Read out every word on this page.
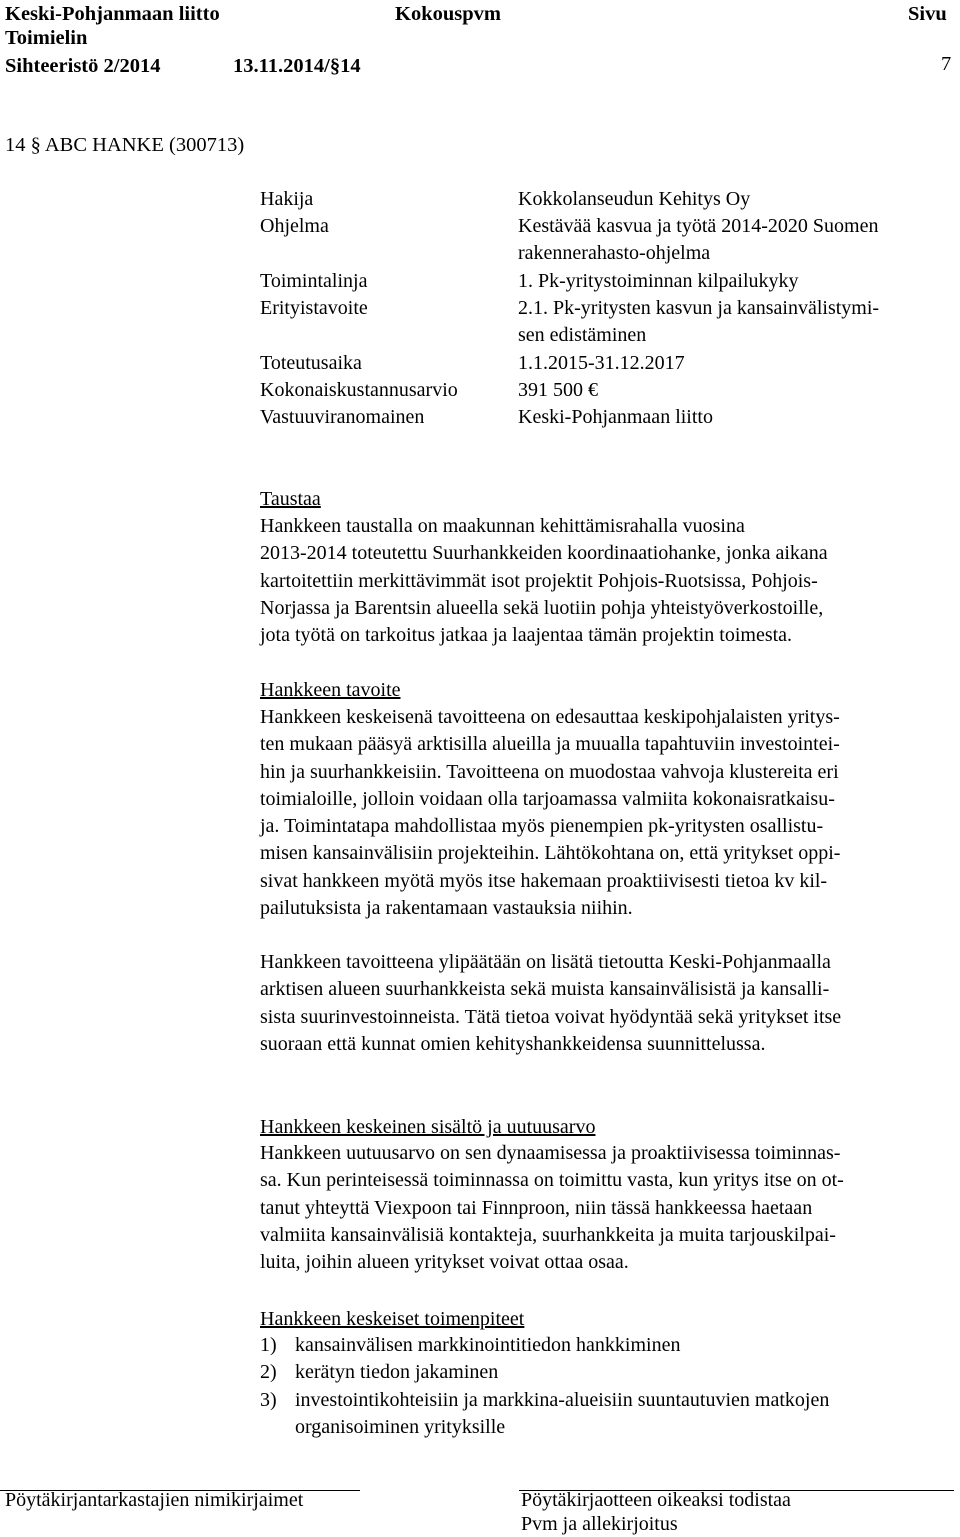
Keski-Pohjanmaan liitto	Kokouspvm	Sivu
Toimielin
7
Sihteeristö 2/2014	13.11.2014/§14
14 § ABC HANKE (300713)
Hakija	Kokkolanseudun Kehitys Oy
Ohjelma	Kestävää kasvua ja työtä 2014-2020 Suomen
rakennerahasto-ohjelma
Toimintalinja	1. Pk-yritystoiminnan kilpailukyky
Erityistavoite	2.1. Pk-yritysten kasvun ja kansainvälistymi-
sen edistäminen
Toteutusaika	1.1.2015-31.12.2017
Kokonaiskustannusarvio	391 500 €
Vastuuviranomainen	Keski-Pohjanmaan liitto
Taustaa
Hankkeen taustalla on maakunnan kehittämisrahalla vuosina
2013-2014 toteutettu Suurhankkeiden koordinaatiohanke, jonka aikana
kartoitettiin merkittävimmät isot projektit Pohjois-Ruotsissa, Pohjois-
Norjassa ja Barentsin alueella sekä luotiin pohja yhteistyöverkostoille,
jota työtä on tarkoitus jatkaa ja laajentaa tämän projektin toimesta.
Hankkeen tavoite
Hankkeen keskeisenä tavoitteena on edesauttaa keskipohjalaisten yritys-
ten mukaan pääsyä arktisilla alueilla ja muualla tapahtuviin investointei-
hin ja suurhankkeisiin. Tavoitteena on muodostaa vahvoja klustereita eri
toimialoille, jolloin voidaan olla tarjoamassa valmiita kokonaisratkaisu-
ja. Toimintatapa mahdollistaa myös pienempien pk-yritysten osallistu-
misen kansainvälisiin projekteihin. Lähtökohtana on, että yritykset oppi-
sivat hankkeen myötä myös itse hakemaan proaktiivisesti tietoa kv kil-
pailutuksista ja rakentamaan vastauksia niihin.
Hankkeen tavoitteena ylipäätään on lisätä tietoutta Keski-Pohjanmaalla
arktisen alueen suurhankkeista sekä muista kansainvälisistä ja kansalli-
sista suurinvestoinneista. Tätä tietoa voivat hyödyntää sekä yritykset itse
suoraan että kunnat omien kehityshankkeidensa suunnittelussa.
Hankkeen keskeinen sisältö ja uutuusarvo
Hankkeen uutuusarvo on sen dynaamisessa ja proaktiivisessa toiminnas-
sa. Kun perinteisessä toiminnassa on toimittu vasta, kun yritys itse on ot-
tanut yhteyttä Viexpoon tai Finnproon, niin tässä hankkeessa haetaan
valmiita kansainvälisiä kontakteja, suurhankkeita ja muita tarjouskilpai-
luita, joihin alueen yritykset voivat ottaa osaa.
Hankkeen keskeiset toimenpiteet
1) kansainvälisen markkinointitiedon hankkiminen
2) kerätyn tiedon jakaminen
3) investointikohteisiin ja markkina-alueisiin suuntautuvien matkojen
organisoiminen yrityksille
Pöytäkirjantarkastajien nimikirjaimet	Pöytäkirjaotteen oikeaksi todistaa
Pvm ja allekirjoitus
